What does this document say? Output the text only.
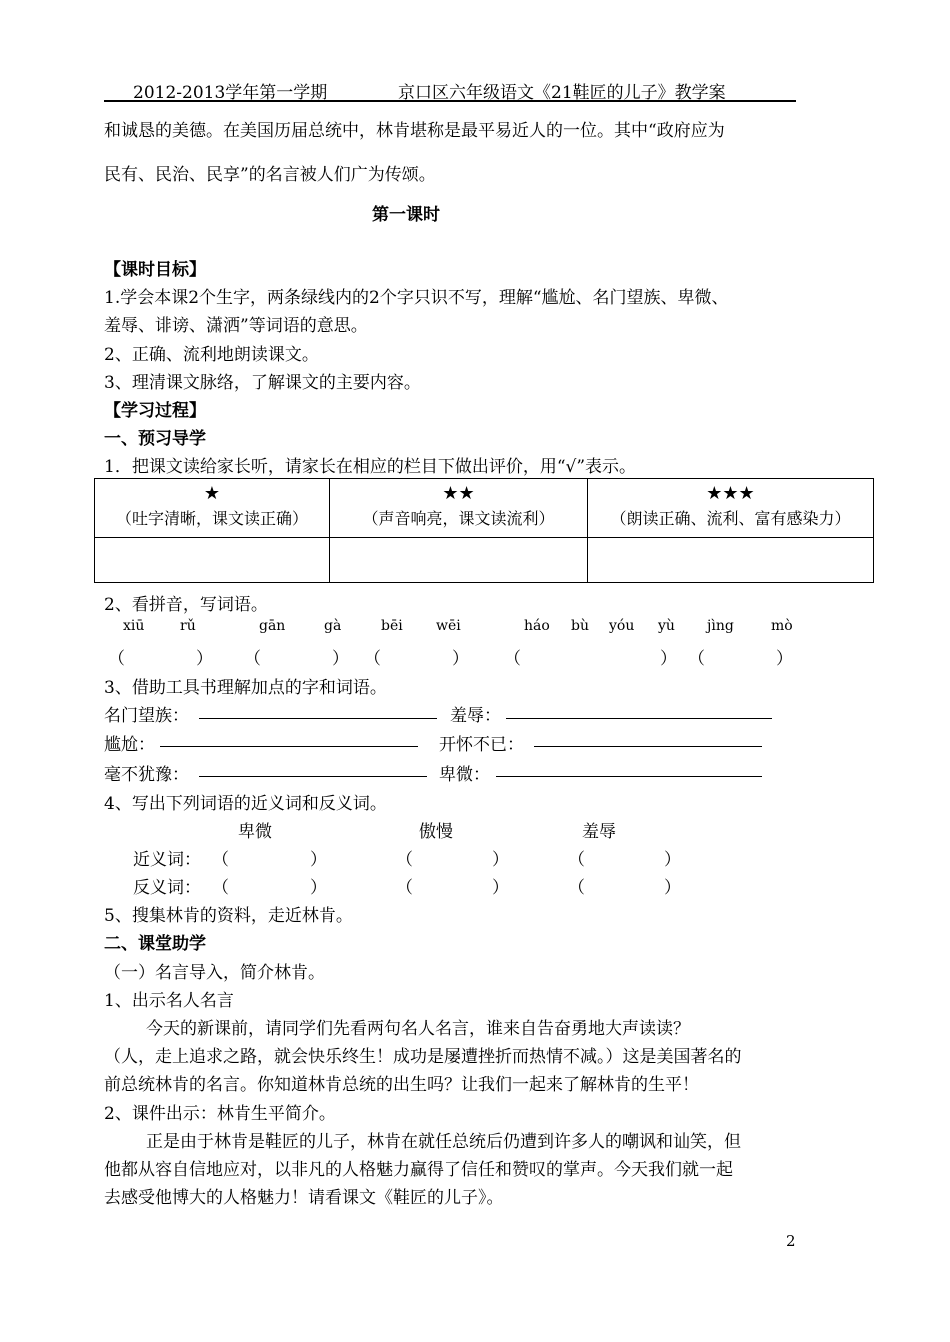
2012-2013学年第一学期	京口区六年级语文《21鞋匠的儿子》教学案
和诚恳的美德。在美国历届总统中，林肯堪称是最平易近人的一位。其中“政府应为
民有、民治、民享”的名言被人们广为传颂。
第一课时
【课时目标】
1.学会本课2个生字，两条绿线内的2个字只识不写，理解“尴尬、名门望族、卑微、
羞辱、诽谤、潇洒”等词语的意思。
2、正确、流利地朗读课文。
3、理清课文脉络，了解课文的主要内容。
【学习过程】
一、预习导学
1．把课文读给家长听，请家长在相应的栏目下做出评价，用“√”表示。
★
（吐字清晰，课文读正确）	★★
（声音响亮，课文读流利）	★★★
（朗读正确、流利、富有感染力）

2、看拼音，写词语。
xiū	rǔ	gān	gà	bēi wēi	háo bù yóu yù jìng	mò
（	） （	） （	） （	） （	）
3、借助工具书理解加点的字和词语。
名门望族：	羞辱：
尴尬：	开怀不已：
毫不犹豫：	卑微：
4、写出下列词语的近义词和反义词。
卑微	傲慢	羞辱
近义词： （	）	（	）	（	）
反义词： （	）	（	）	（	）
5、搜集林肯的资料，走近林肯。
二、课堂助学
（一）名言导入，简介林肯。
1、出示名人名言
今天的新课前，请同学们先看两句名人名言，谁来自告奋勇地大声读读？
（人，走上追求之路，就会快乐终生！成功是屡遭挫折而热情不减。）这是美国著名的
前总统林肯的名言。你知道林肯总统的出生吗？让我们一起来了解林肯的生平！
2、课件出示：林肯生平简介。
正是由于林肯是鞋匠的儿子，林肯在就任总统后仍遭到许多人的嘲讽和讪笑，但
他都从容自信地应对，以非凡的人格魅力赢得了信任和赞叹的掌声。今天我们就一起
去感受他博大的人格魅力！请看课文《鞋匠的儿子》。
2
